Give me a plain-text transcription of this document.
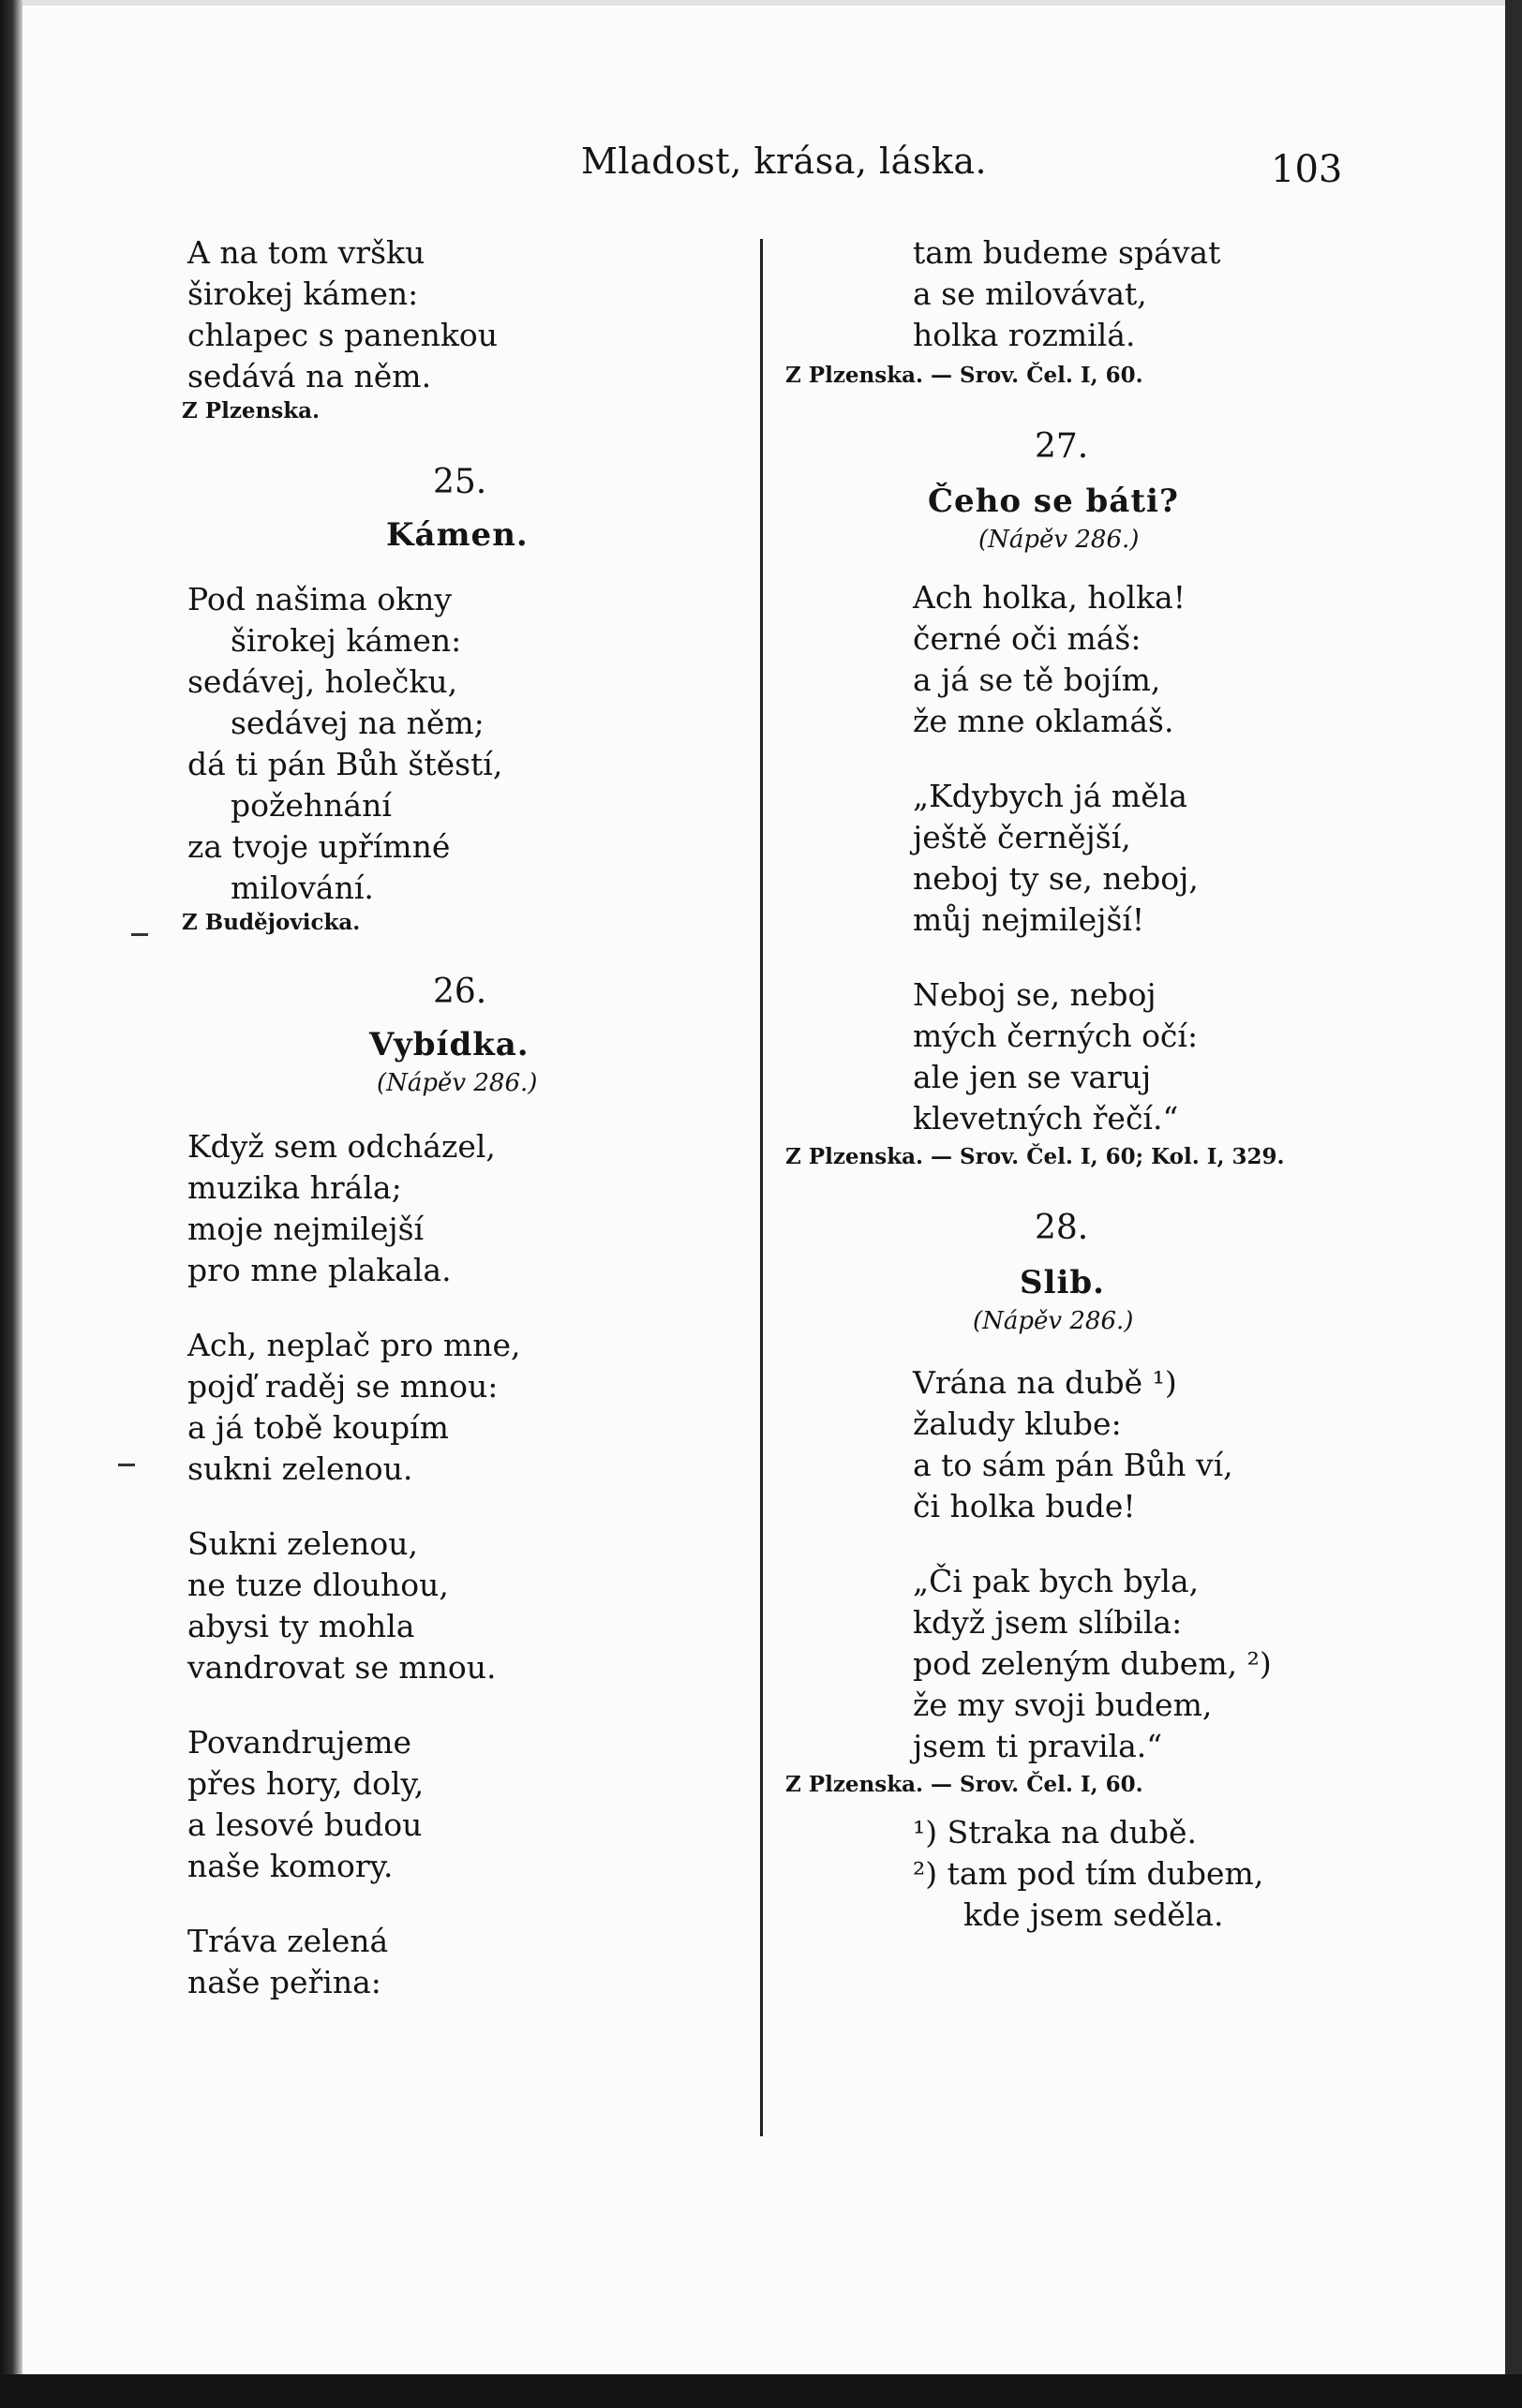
Mladost, krása, láska.	103
A na tom vršku
širokej kámen:
chlapec s panenkou
sedává na něm.
Z Plzenska.
25.
Kámen.
Pod našima okny
širokej kámen:
sedávej, holečku,
sedávej na něm;
dá ti pán Bůh štěstí,
požehnání
za tvoje upřímné
milování.
Z Budějovicka.
26.
Vybídka.
(Nápěv 286.)
Když sem odcházel,
muzika hrála;
moje nejmilejší
pro mne plakala.
Ach, neplač pro mne,
pojď raděj se mnou:
a já tobě koupím
sukni zelenou.
Sukni zelenou,
ne tuze dlouhou,
abysi ty mohla
vandrovat se mnou.
Povandrujeme
přes hory, doly,
a lesové budou
naše komory.
Tráva zelená
naše peřina:
tam budeme spávat
a se milovávat,
holka rozmilá.
Z Plzenska. — Srov. Čel. I, 60.
27.
Čeho se báti?
(Nápěv 286.)
Ach holka, holka!
černé oči máš:
a já se tě bojím,
že mne oklamáš.
„Kdybych já měla
ještě černější,
neboj ty se, neboj,
můj nejmilejší!
Neboj se, neboj
mých černých očí:
ale jen se varuj
klevetných řečí.“
Z Plzenska. — Srov. Čel. I, 60; Kol. I, 329.
28.
Slib.
(Nápěv 286.)
Vrána na dubě ¹)
žaludy klube:
a to sám pán Bůh ví,
či holka bude!
„Či pak bych byla,
když jsem slíbila:
pod zeleným dubem, ²)
že my svoji budem,
jsem ti pravila.“
Z Plzenska. — Srov. Čel. I, 60.
¹) Straka na dubě.
²) tam pod tím dubem,
kde jsem seděla.
